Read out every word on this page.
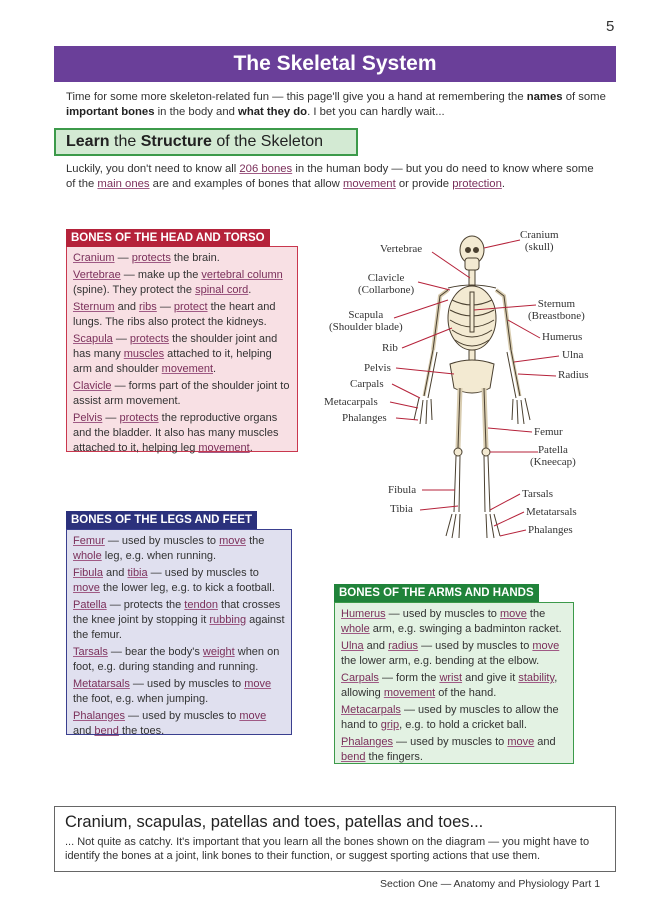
5
The Skeletal System
Time for some more skeleton-related fun — this page'll give you a hand at remembering the names of some important bones in the body and what they do. I bet you can hardly wait...
Learn the Structure of the Skeleton
Luckily, you don't need to know all 206 bones in the human body — but you do need to know where some of the main ones are and examples of bones that allow movement or provide protection.

Cranium — protects the brain.

Vertebrae — make up the vertebral column (spine). They protect the spinal cord.

Sternum and ribs — protect the heart and lungs. The ribs also protect the kidneys.

Scapula — protects the shoulder joint and has many muscles attached to it, helping arm and shoulder movement.

Clavicle — forms part of the shoulder joint to assist arm movement.

Pelvis — protects the reproductive organs and the bladder. It also has many muscles attached to it, helping leg movement.

BONES OF THE HEAD AND TORSO

Femur — used by muscles to move the whole leg, e.g. when running.

Fibula and tibia — used by muscles to move the lower leg, e.g. to kick a football.

Patella — protects the tendon that crosses the knee joint by stopping it rubbing against the femur.

Tarsals — bear the body's weight when on foot, e.g. during standing and running.

Metatarsals — used by muscles to move the foot, e.g. when jumping.

Phalanges — used by muscles to move and bend the toes.

BONES OF THE LEGS AND FEET

Humerus — used by muscles to move the whole arm, e.g. swinging a badminton racket.

Ulna and radius — used by muscles to move the lower arm, e.g. bending at the elbow.

Carpals — form the wrist and give it stability, allowing movement of the hand.

Metacarpals — used by muscles to allow the hand to grip, e.g. to hold a cricket ball.

Phalanges — used by muscles to move and bend the fingers.

BONES OF THE ARMS AND HANDS
Cranium
(skull)
Vertebrae
Clavicle
(Collarbone)
Sternum
(Breastbone)
Scapula
(Shoulder blade)
Humerus
Rib
Ulna
Pelvis
Radius
Carpals
Metacarpals
Phalanges
Femur
Patella
(Kneecap)
Fibula
Tibia
Tarsals
Metatarsals
Phalanges
Cranium, scapulas, patellas and toes, patellas and toes...
... Not quite as catchy. It's important that you learn all the bones shown on the diagram — you might have to identify the bones at a joint, link bones to their function, or suggest sporting actions that use them.
Section One — Anatomy and Physiology Part 1
